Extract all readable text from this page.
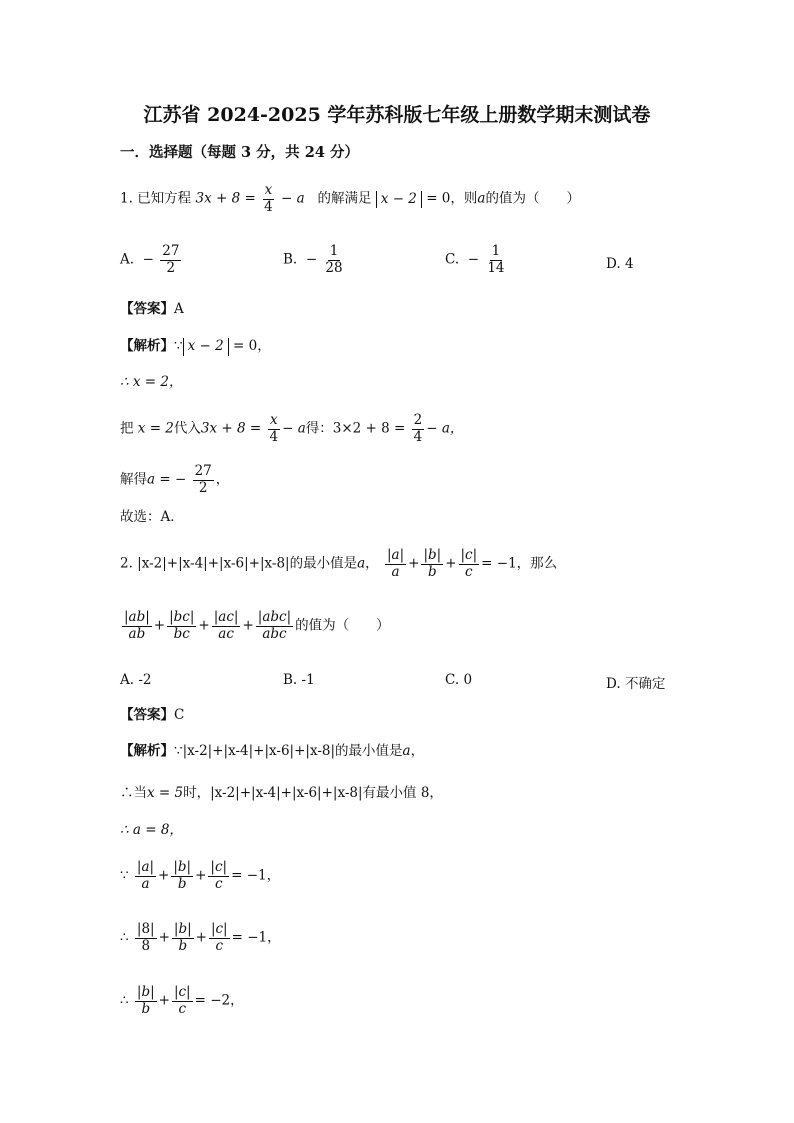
江苏省 2024-2025 学年苏科版七年级上册数学期末测试卷
一．选择题（每题 3 分，共 24 分）
1. 已知方程 $3x + 8 = \frac{x}{4} - a$ 的解满足 x − 2 = 0，则a的值为（　　）
A. − $\frac{27}{2}$	B. − $\frac{1}{28}$	C. − $\frac{1}{14}$	D. 4
【答案】A
【解析】∵ x − 2 = 0，
∴ x = 2，
把 x = 2代入$3x + 8 = \frac{x}{4} - a$得：$3\times 2 + 8 = \frac{2}{4} - a$，
解得a = − $\frac{27}{2}$ ，
故选：A．
2. |x-2|+|x-4|+|x-6|+|x-8|的最小值是a， $\frac{|a|}{a} + \frac{|b|}{b} + \frac{|c|}{c} = -1$，那么
$\frac{|ab|}{ab} + \frac{|bc|}{bc} + \frac{|ac|}{ac} + \frac{\text{|abc|}}{\text{abc}}$ 的值为（　　）
A. -2	B. -1	C. 0	D. 不确定
【答案】C
【解析】∵|x-2|+|x-4|+|x-6|+|x-8|的最小值是a，
∴当x = 5时，|x-2|+|x-4|+|x-6|+|x-8|有最小值 8，
∴ a = 8，
∵ $\frac{|a|}{a} + \frac{|b|}{b} + \frac{|c|}{c} = -1$，
∴ $\frac{|8|}{8} + \frac{|b|}{b} + \frac{|c|}{c} = -1$，
∴ $\frac{|b|}{b} + \frac{|c|}{c} = -2$，
